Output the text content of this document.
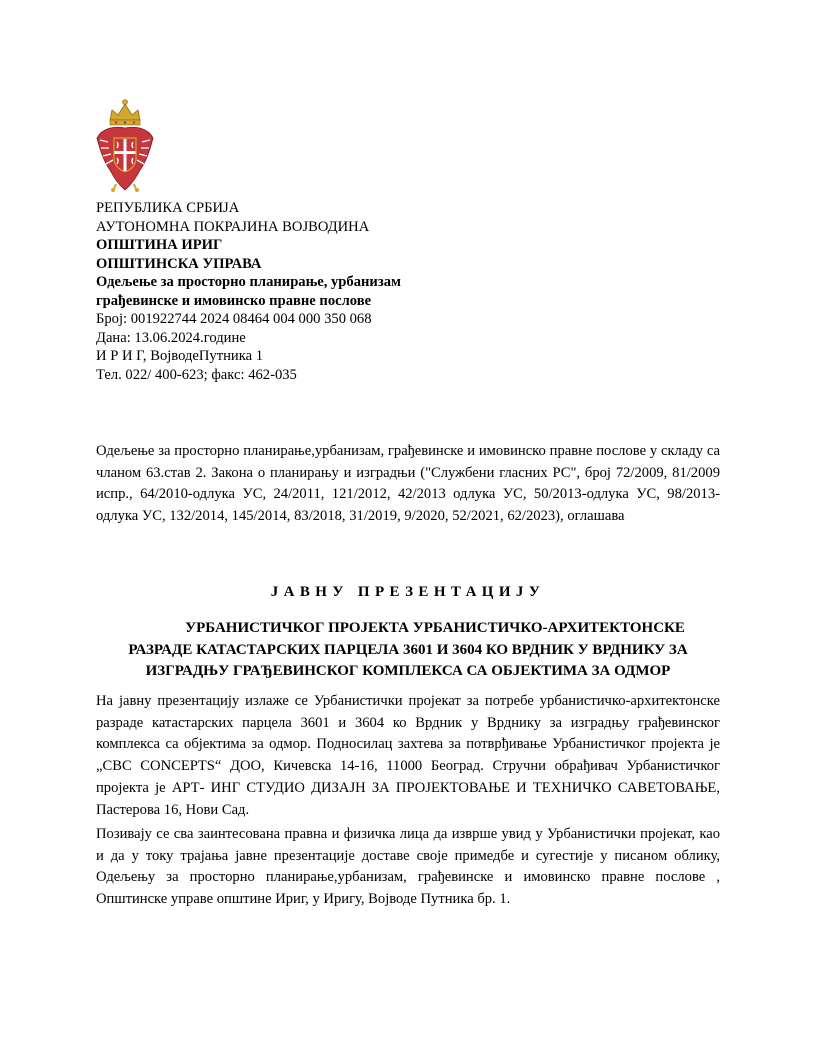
РЕПУБЛИКА СРБИЈА
АУТОНОМНА ПОКРАЈИНА ВОЈВОДИНА
ОПШТИНА ИРИГ
ОПШТИНСКА УПРАВА
Одељење за просторно планирање, урбанизам
грађевинске и имовинско правне послове
Број: 001922744 2024 08464 004 000 350 068
Дана: 13.06.2024.године
И Р И Г, ВојводеПутника 1
Тел. 022/ 400-623; факс: 462-035
Одељење за просторно планирање,урбанизам, грађевинске и имовинско правне послове у складу са чланом 63.став 2. Закона о планирању и изградњи ("Службени гласних РС", број 72/2009, 81/2009 испр., 64/2010-одлука УС, 24/2011, 121/2012, 42/2013 одлука УС, 50/2013-одлука УС, 98/2013-одлука УС, 132/2014, 145/2014, 83/2018, 31/2019, 9/2020, 52/2021, 62/2023), оглашава
ЈАВНУ ПРЕЗЕНТАЦИЈУ
УРБАНИСТИЧКОГ ПРОЈЕКТА УРБАНИСТИЧКО-АРХИТЕКТОНСКЕ
РАЗРАДЕ КАТАСТАРСКИХ ПАРЦЕЛА 3601 И 3604 КО ВРДНИК У ВРДНИКУ ЗА
ИЗГРАДЊУ ГРАЂЕВИНСКОГ КОМПЛЕКСА СА ОБЈЕКТИМА ЗА ОДМОР
На јавну презентацију излаже се Урбанистички пројекат за потребе урбанистичко-архитектонске разраде катастарских парцела 3601 и 3604 ко Врдник у Врднику за изградњу грађевинског комплекса са објектима за одмор. Подносилац захтева за потврђивање Урбанистичког пројекта је „CBC CONCEPTS“ ДОО, Кичевска 14-16, 11000 Београд. Стручни обрађивач Урбанистичког пројекта је АРТ- ИНГ СТУДИО ДИЗАЈН ЗА ПРОЈЕКТОВАЊЕ И ТЕХНИЧКО САВЕТОВАЊЕ, Пастерова 16, Нови Сад.
Позивају се сва заинтесована правна и физичка лица да изврше увид у Урбанистички пројекат, као и да у току трајања јавне презентације доставе своје примедбе и сугестије у писаном облику, Одељењу за просторно планирање,урбанизам, грађевинске и имовинско правне послове , Општинске управе општине Ириг, у Иригу, Војводе Путника бр. 1.
